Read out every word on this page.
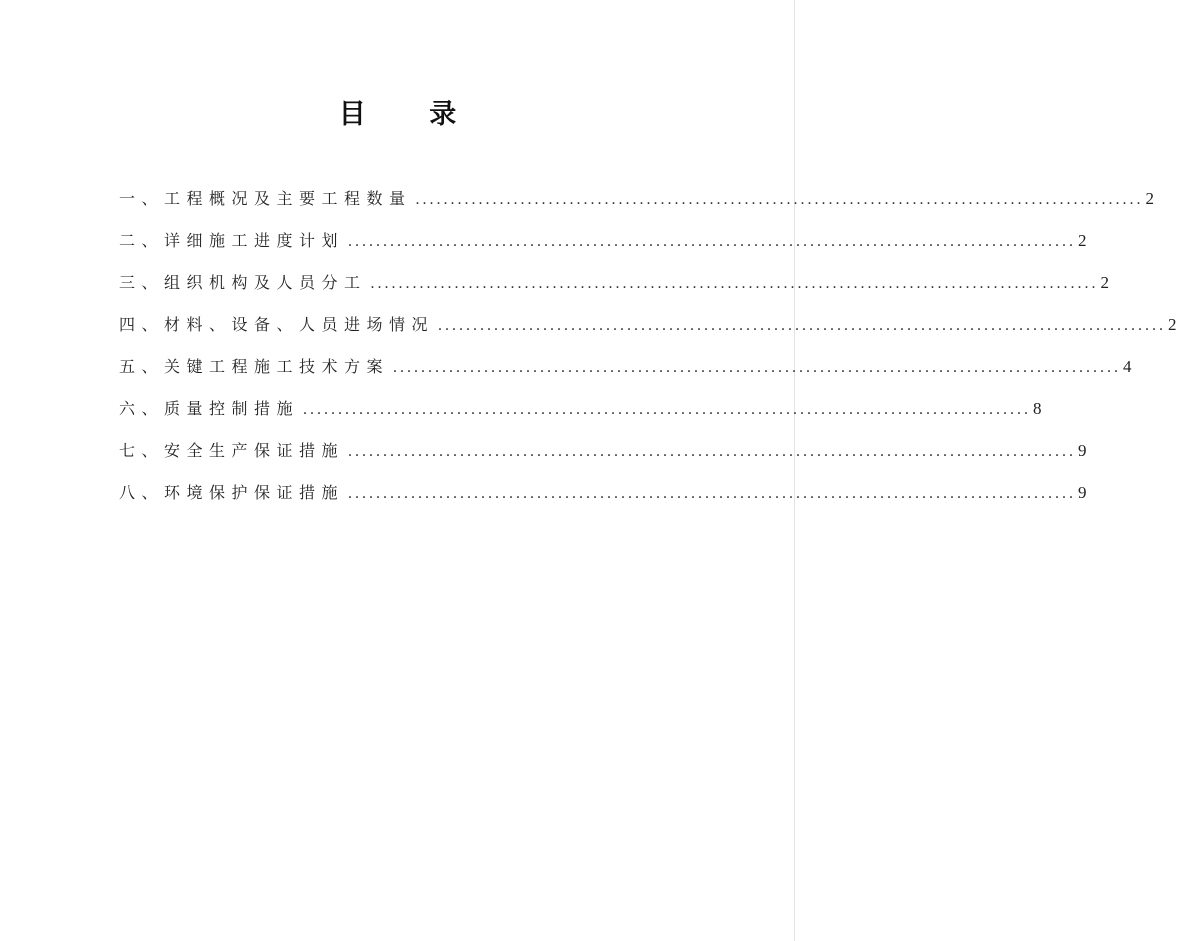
目 录
一、工程概况及主要工程数量 ........................................................................................................ 2
二、详细施工进度计划 ........................................................................................................ 2
三、组织机构及人员分工 ........................................................................................................ 2
四、材料、设备、人员进场情况 ........................................................................................................ 2
五、关键工程施工技术方案 ........................................................................................................ 4
六、质量控制措施 ........................................................................................................ 8
七、安全生产保证措施 ........................................................................................................ 9
八、环境保护保证措施 ........................................................................................................ 9
